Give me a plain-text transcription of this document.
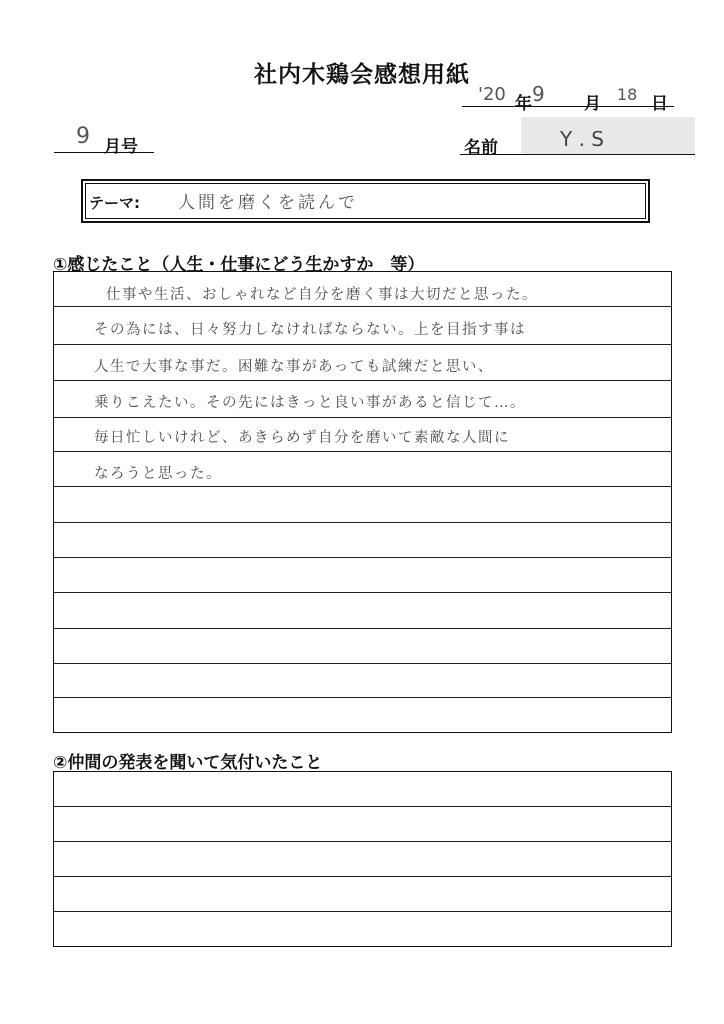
社内木鶏会感想用紙
'20 年 9 月 18 日
9 月号	名前	Y . S
テーマ: 人間を磨くを読んで
①感じたこと（人生・仕事にどう生かすか　等）
仕事や生活、おしゃれなど自分を磨く事は大切だと思った。
その為には、日々努力しなければならない。上を目指す事は
人生で大事な事だ。困難な事があっても試練だと思い、
乗りこえたい。その先にはきっと良い事があると信じて…。
毎日忙しいけれど、あきらめず自分を磨いて素敵な人間に
なろうと思った。
②仲間の発表を聞いて気付いたこと
